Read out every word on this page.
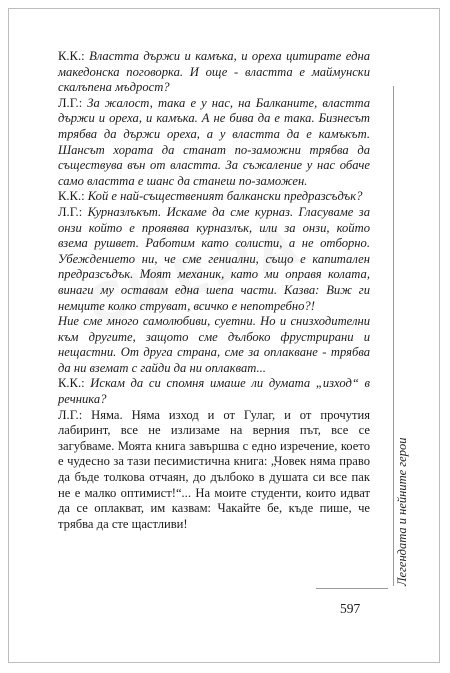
К.К.: Властта държи и камъка, и ореха цитирате една македонска поговорка. И още - властта е маймунски скалъпена мъдрост?

Л.Г.: За жалост, така е у нас, на Балканите, властта държи и ореха, и камъка. А не бива да е така. Бизнесът трябва да държи ореха, а у властта да е камъкът. Шансът хората да станат по-заможни трябва да съществува вън от властта. За съжаление у нас обаче само властта е шанс да станеш по-заможен.

К.К.: Кой е най-съществeният балкански предразсъдък?

Л.Г.: Курназлъкът. Искаме да сме курназ. Гласуваме за онзи който е проявява курназлък, или за онзи, който взема рушвет. Работим като солисти, а не отборно. Убеждението ни, че сме гениални, също е капитален предразсъдък. Моят механик, като ми оправя колата, винаги му оставам една шепа части. Казва: Виж ги немците колко струват, всичко е непотребно?!

Ние сме много самолюбиви, суетни. Но и снизходителни към другите, защото сме дълбоко фрустрирани и нещастни. От друга страна, сме за оплакване - трябва да ни вземат с гайди да ни оплакват...

К.К.: Искам да си спомня имаше ли думата „изход“ в речника?

Л.Г.: Няма. Няма изход и от Гулаг, и от прочутия лабиринт, все не излизаме на верния път, все се загубваме. Моята книга завършва с едно изречение, което е чудесно за тази песимистична книга: „Човек няма право да бъде толкова отчаян, до дълбоко в душата си все пак не е малко оптимист!“... На моите студенти, които идват да се оплакват, им казвам: Чакайте бе, къде пише, че трябва да сте щастливи!	Легендата и нейните герои
597
